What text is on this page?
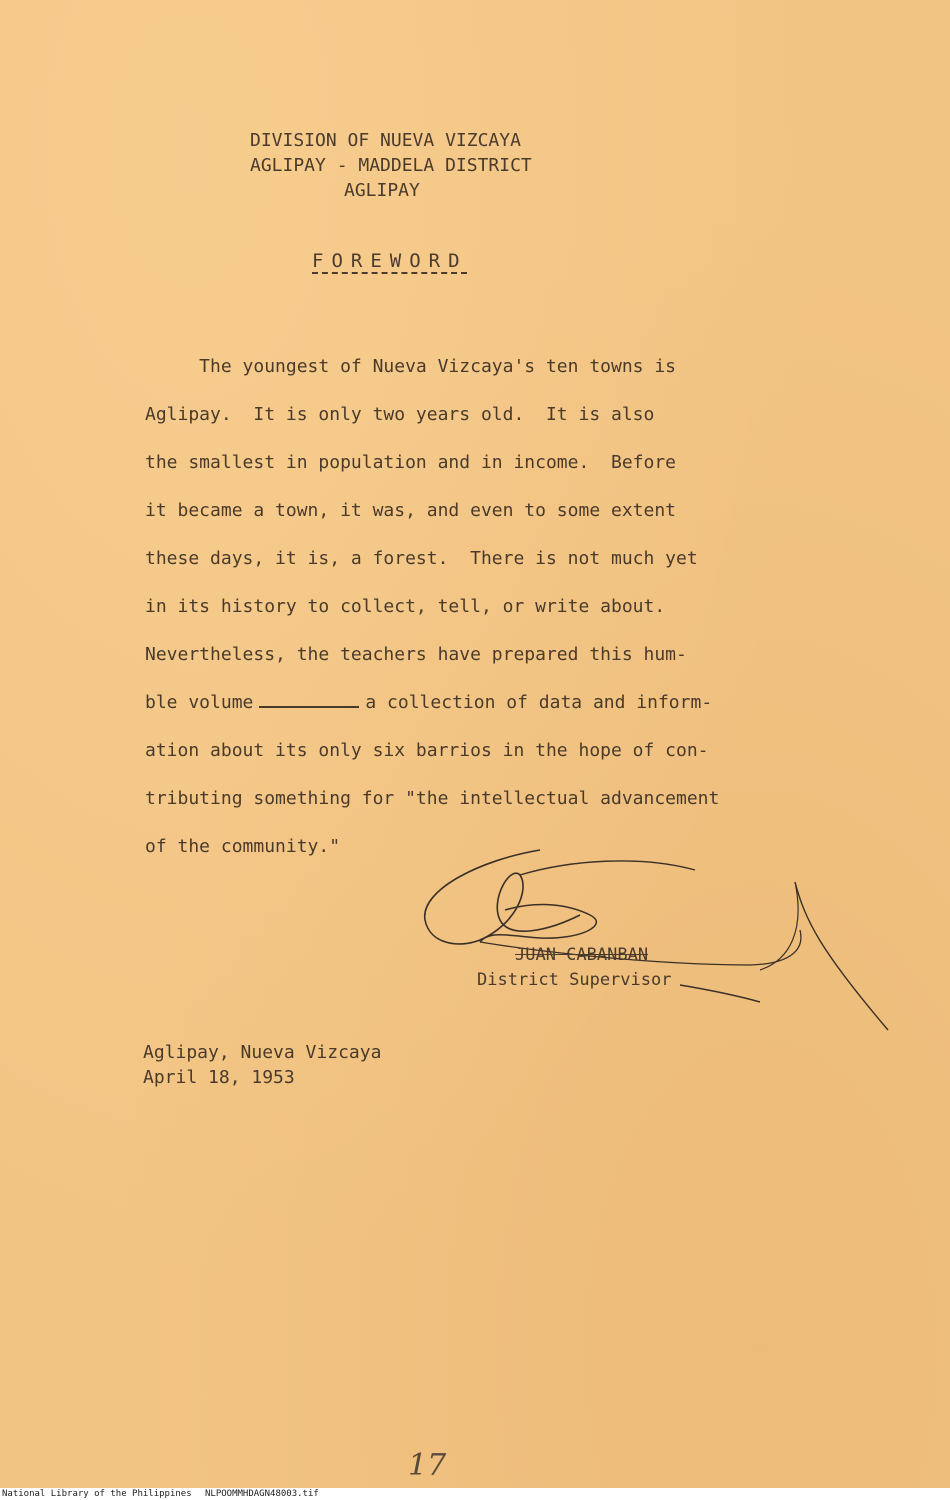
DIVISION OF NUEVA VIZCAYA
AGLIPAY - MADDELA DISTRICT
AGLIPAY
FOREWORD
The youngest of Nueva Vizcaya's ten towns is
Aglipay.  It is only two years old.  It is also
the smallest in population and in income.  Before
it became a town, it was, and even to some extent
these days, it is, a forest.  There is not much yet
in its history to collect, tell, or write about.
Nevertheless, the teachers have prepared this hum-
ble volume	a collection of data and inform-
ation about its only six barrios in the hope of con-
tributing something for "the intellectual advancement
of the community."
JUAN CABANBAN
District Supervisor
Aglipay, Nueva Vizcaya
April 18, 1953
17
National Library of the Philippines NLPOOMMHDAGN48003.tif
